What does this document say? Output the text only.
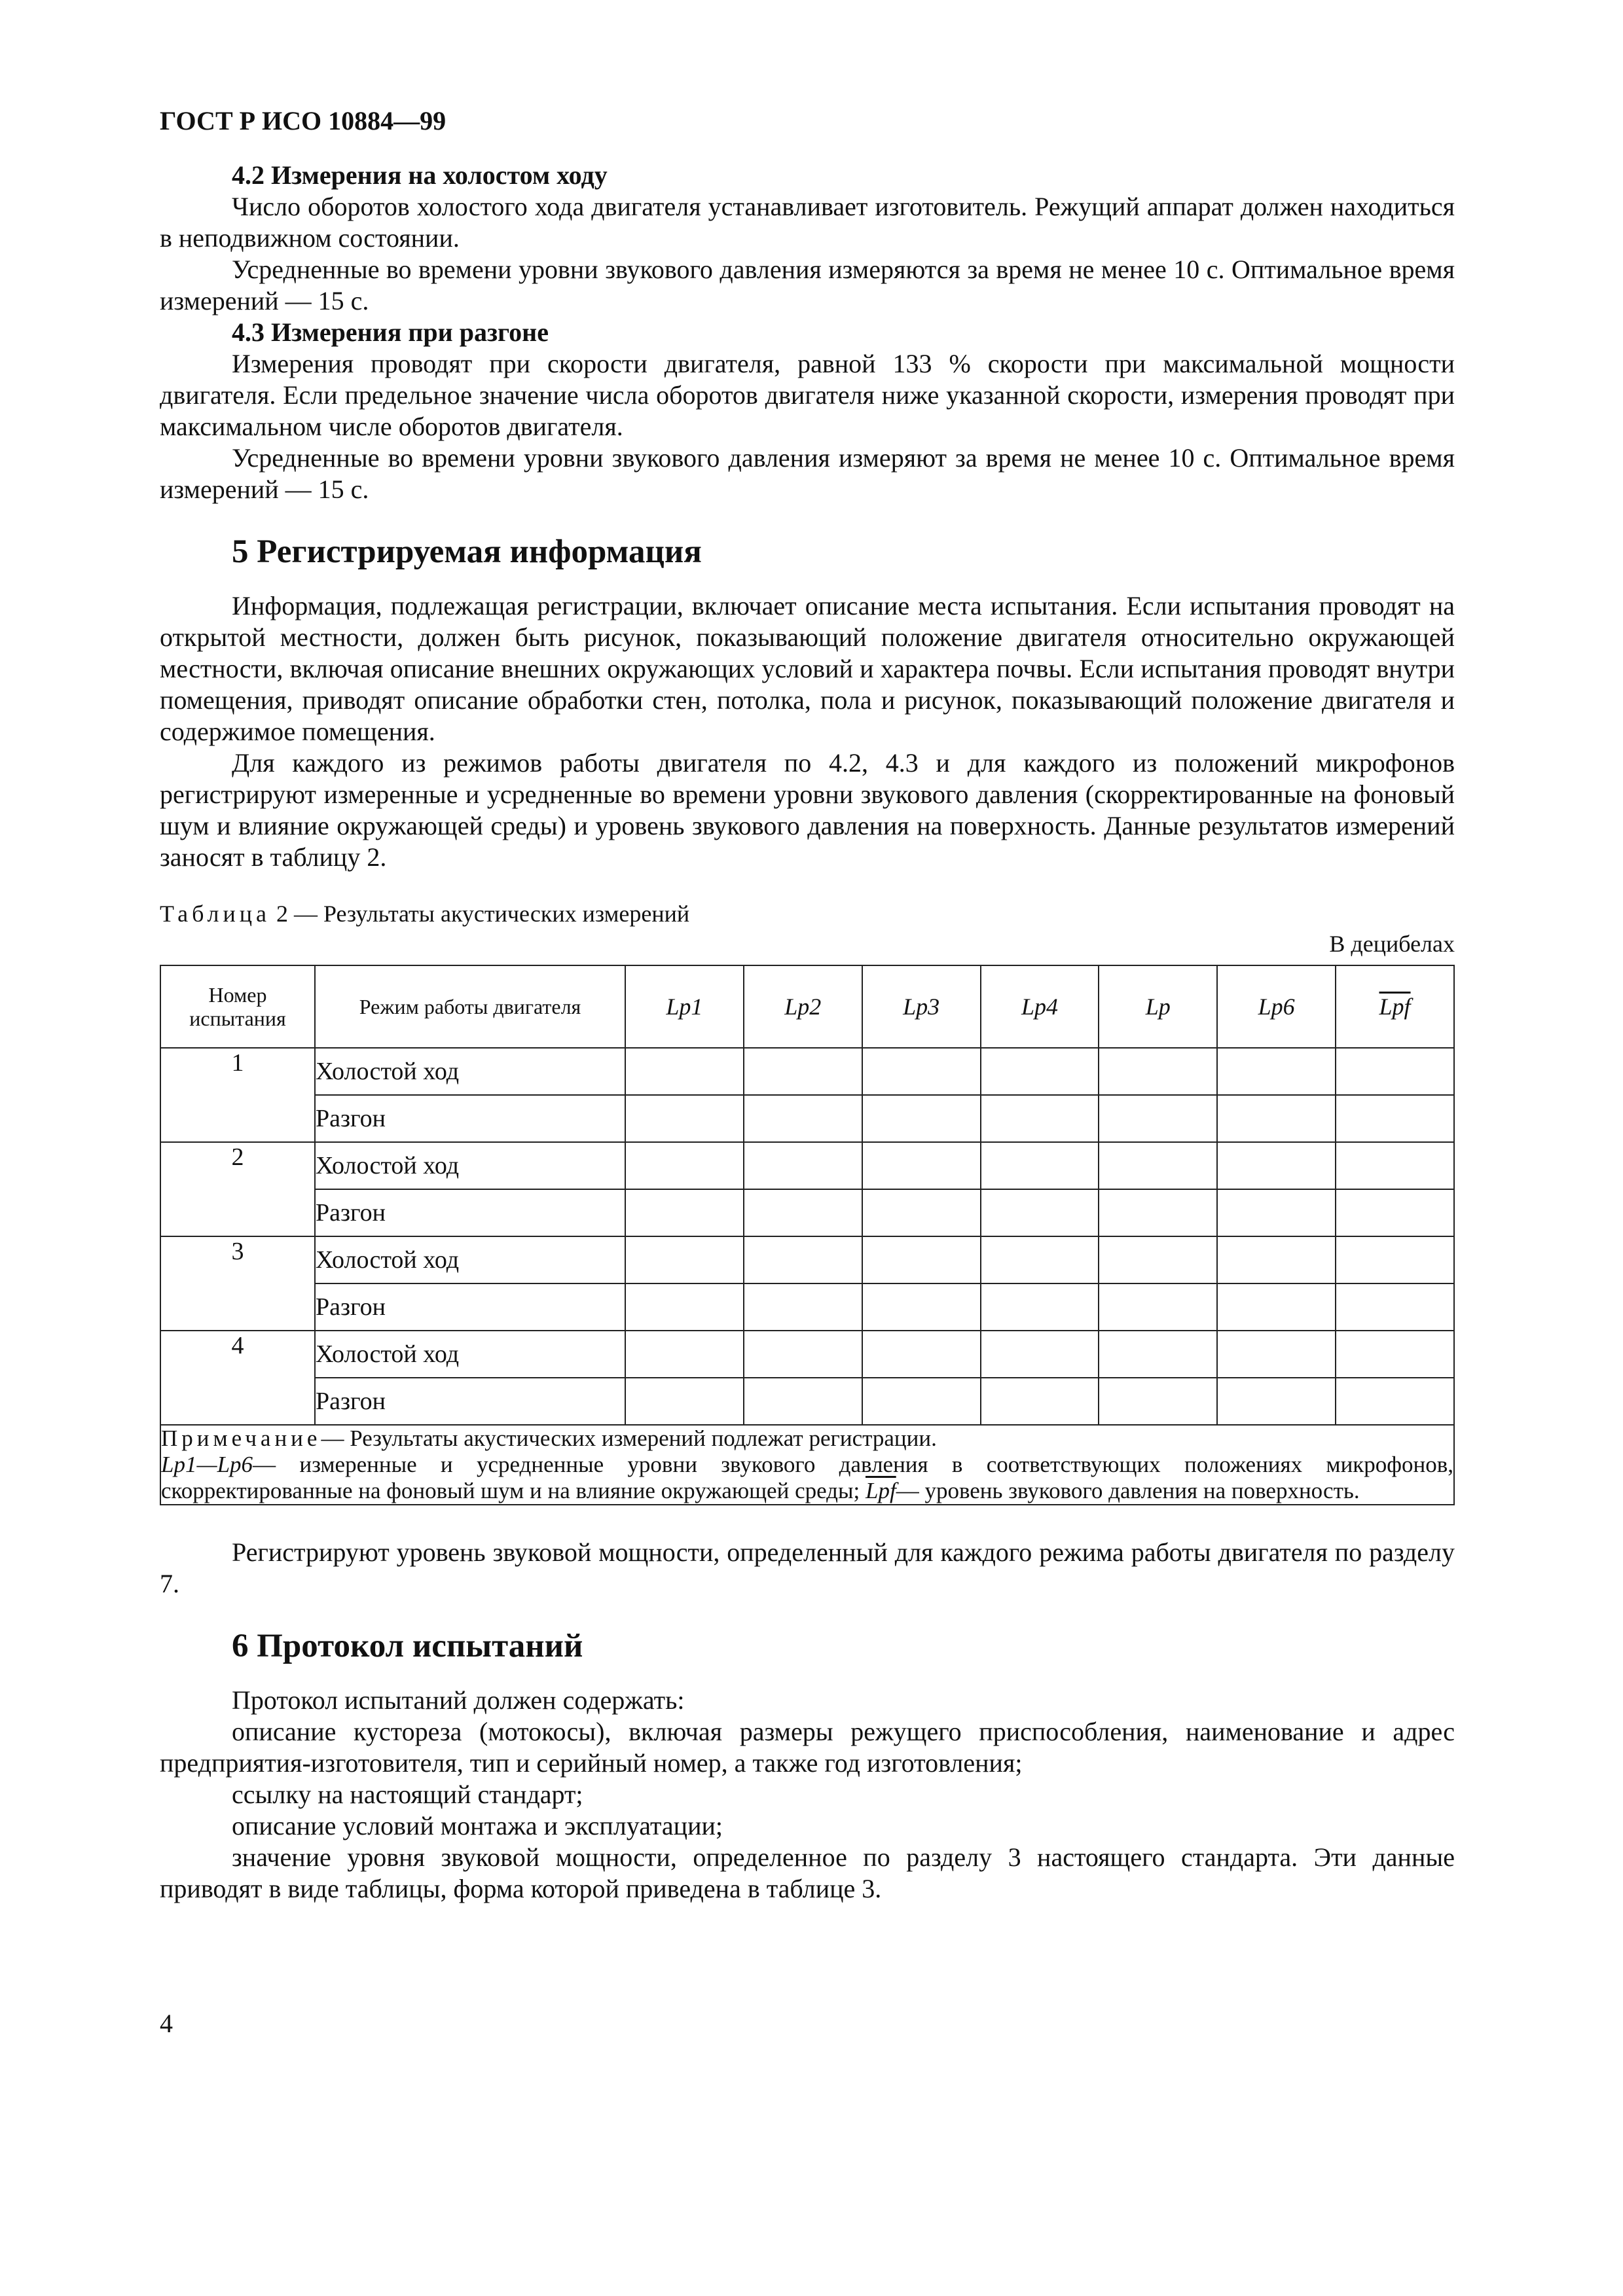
ГОСТ Р ИСО 10884—99

4.2 Измерения на холостом ходу

Число оборотов холостого хода двигателя устанавливает изготовитель. Режущий аппарат должен находиться в неподвижном состоянии.

Усредненные во времени уровни звукового давления измеряются за время не менее 10 с. Оптимальное время измерений — 15 с.

4.3 Измерения при разгоне

Измерения проводят при скорости двигателя, равной 133 % скорости при максимальной мощности двигателя. Если предельное значение числа оборотов двигателя ниже указанной скорости, измерения проводят при максимальном числе оборотов двигателя.

Усредненные во времени уровни звукового давления измеряют за время не менее 10 с. Оптимальное время измерений — 15 с.

5 Регистрируемая информация

Информация, подлежащая регистрации, включает описание места испытания. Если испытания проводят на открытой местности, должен быть рисунок, показывающий положение двигателя относительно окружающей местности, включая описание внешних окружающих условий и характера почвы. Если испытания проводят внутри помещения, приводят описание обработки стен, потолка, пола и рисунок, показывающий положение двигателя и содержимое помещения.

Для каждого из режимов работы двигателя по 4.2, 4.3 и для каждого из положений микрофонов регистрируют измеренные и усредненные во времени уровни звукового давления (скорректированные на фоновый шум и влияние окружающей среды) и уровень звукового давления на поверхность. Данные результатов измерений заносят в таблицу 2.

Таблица 2 — Результаты акустических измерений
В децибелах
Номер испытания	Режим работы двигателя	Lp1	Lp2	Lp3	Lp4	Lp	Lp6	$\overline{Lpf}$
1	Холостой ход							
	Разгон							
2	Холостой ход							
	Разгон							
3	Холостой ход							
	Разгон							
4	Холостой ход							
	Разгон							
Примечание— Результаты акустических измерений подлежат регистрации.
Lp1—Lp6— измеренные и усредненные уровни звукового давления в соответствующих положениях микрофонов, скорректированные на фоновый шум и на влияние окружающей среды; $\overline{Lpf}—$ уровень звукового давления на поверхность.								

Регистрируют уровень звуковой мощности, определенный для каждого режима работы двигателя по разделу 7.

6 Протокол испытаний

Протокол испытаний должен содержать:

описание кустореза (мотокосы), включая размеры режущего приспособления, наименование и адрес предприятия-изготовителя, тип и серийный номер, а также год изготовления;

ссылку на настоящий стандарт;

описание условий монтажа и эксплуатации;

значение уровня звуковой мощности, определенное по разделу 3 настоящего стандарта. Эти данные приводят в виде таблицы, форма которой приведена в таблице 3.

4
